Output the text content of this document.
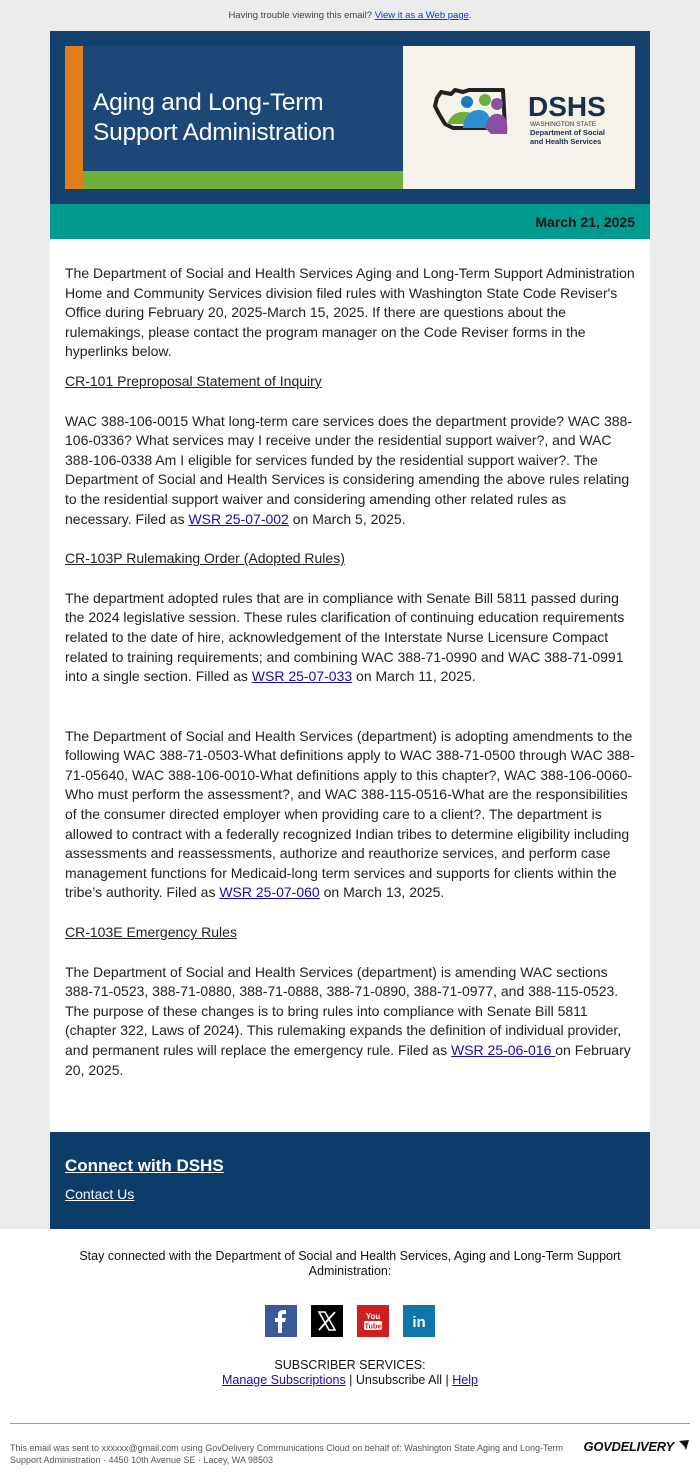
Having trouble viewing this email? View it as a Web page.
Aging and Long-Term
Support Administration
DSHS
WASHINGTON STATE
Department of Social
and Health Services
March 21, 2025

The Department of Social and Health Services Aging and Long-Term Support Administration Home and Community Services division filed rules with Washington State Code Reviser's Office during February 20, 2025-March 15, 2025. If there are questions about the rulemakings, please contact the program manager on the Code Reviser forms in the hyperlinks below.

CR-101 Preproposal Statement of Inquiry

WAC 388-106-0015 What long-term care services does the department provide? WAC 388-106-0336? What services may I receive under the residential support waiver?, and WAC 388-106-0338 Am I eligible for services funded by the residential support waiver?. The Department of Social and Health Services is considering amending the above rules relating to the residential support waiver and considering amending other related rules as necessary. Filed as WSR 25-07-002 on March 5, 2025.

CR-103P Rulemaking Order (Adopted Rules)

The department adopted rules that are in compliance with Senate Bill 5811 passed during the 2024 legislative session. These rules clarification of continuing education requirements related to the date of hire, acknowledgement of the Interstate Nurse Licensure Compact related to training requirements; and combining WAC 388-71-0990 and WAC 388-71-0991 into a single section. Filled as WSR 25-07-033 on March 11, 2025.

The Department of Social and Health Services (department) is adopting amendments to the following WAC 388-71-0503-What definitions apply to WAC 388-71-0500 through WAC 388-71-05640, WAC 388-106-0010-What definitions apply to this chapter?, WAC 388-106-0060-Who must perform the assessment?, and WAC 388-115-0516-What are the responsibilities of the consumer directed employer when providing care to a client?. The department is allowed to contract with a federally recognized Indian tribes to determine eligibility including assessments and reassessments, authorize and reauthorize services, and perform case management functions for Medicaid-long term services and supports for clients within the tribe’s authority. Filed as WSR 25-07-060 on March 13, 2025.

CR-103E Emergency Rules

The Department of Social and Health Services (department) is amending WAC sections 388-71-0523, 388-71-0880, 388-71-0888, 388-71-0890, 388-71-0977, and 388-115-0523. The purpose of these changes is to bring rules into compliance with Senate Bill 5811 (chapter 322, Laws of 2024). This rulemaking expands the definition of individual provider, and permanent rules will replace the emergency rule. Filed as WSR 25-06-016 on February 20, 2025.

Connect with DSHS
Contact Us
Stay connected with the Department of Social and Health Services, Aging and Long-Term Support Administration:

You
Tube
in
SUBSCRIBER SERVICES:
Manage Subscriptions | Unsubscribe All | Help
This email was sent to xxxxxx@gmail.com using GovDelivery Communications Cloud on behalf of: Washington State Aging and Long-Term Support Administration · 4450 10th Avenue SE · Lacey, WA 98503
GOVDELIVERY
